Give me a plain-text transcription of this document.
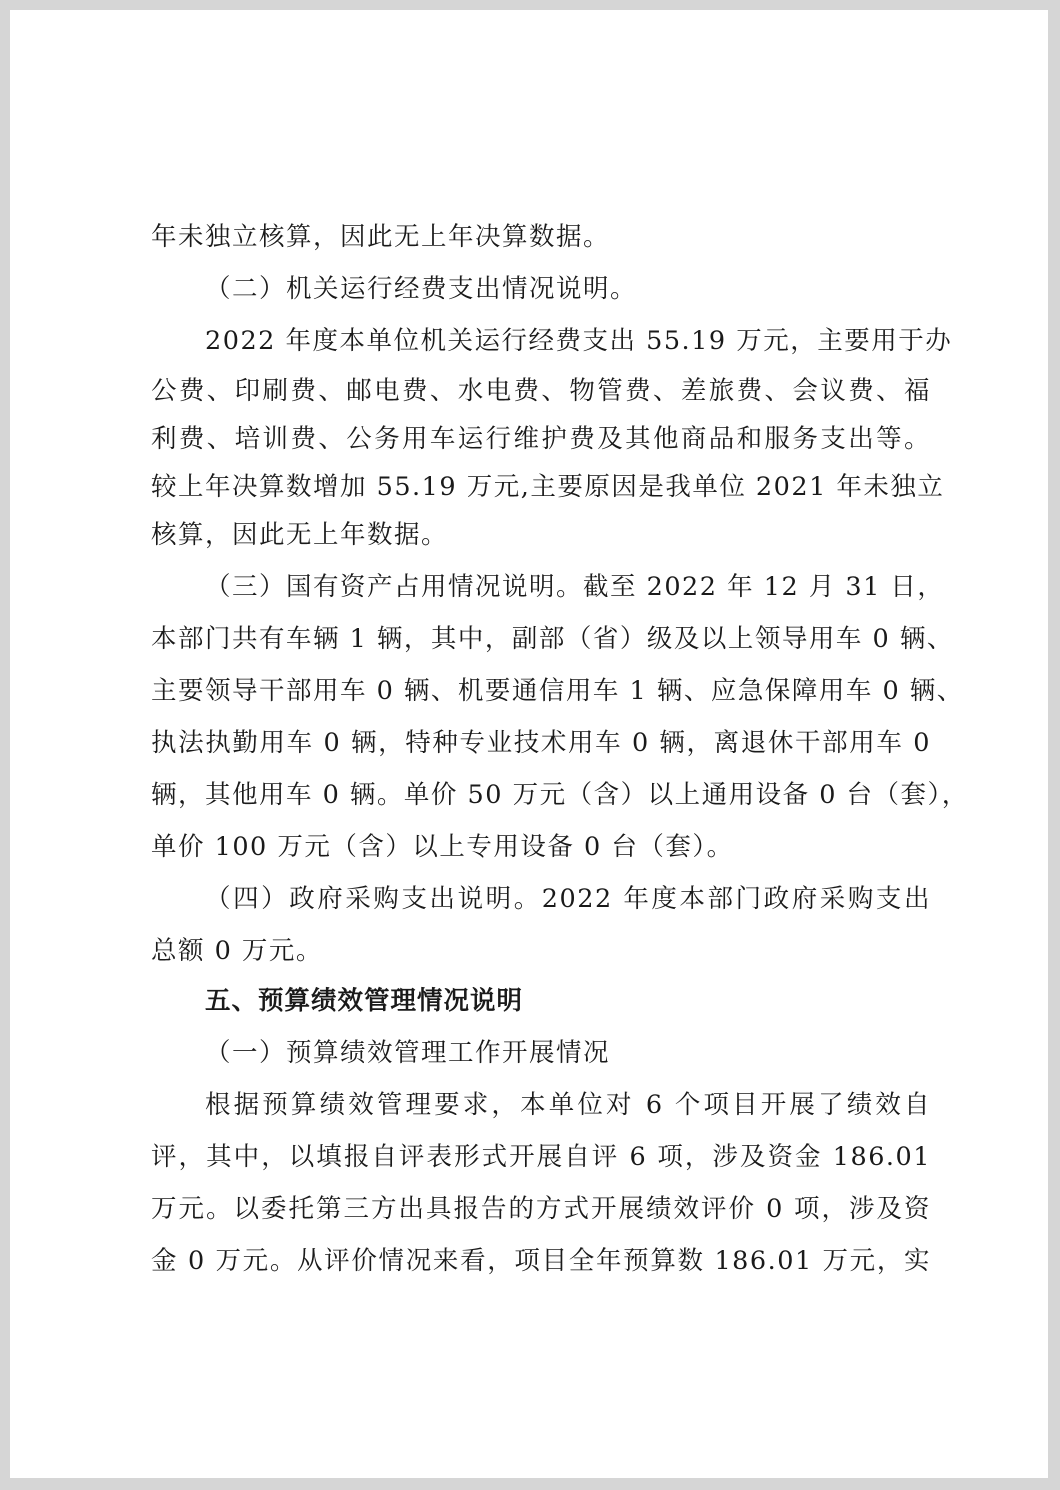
年未独立核算，因此无上年决算数据。
（二）机关运行经费支出情况说明。
2022 年度本单位机关运行经费支出 55.19 万元，主要用于办
公费、印刷费、邮电费、水电费、物管费、差旅费、会议费、福
利费、培训费、公务用车运行维护费及其他商品和服务支出等。
较上年决算数增加 55.19 万元,主要原因是我单位 2021 年未独立
核算，因此无上年数据。
（三）国有资产占用情况说明。截至 2022 年 12 月 31 日，
本部门共有车辆 1 辆，其中，副部（省）级及以上领导用车 0 辆、
主要领导干部用车 0 辆、机要通信用车 1 辆、应急保障用车 0 辆、
执法执勤用车 0 辆，特种专业技术用车 0 辆，离退休干部用车 0
辆，其他用车 0 辆。单价 50 万元（含）以上通用设备 0 台（套），
单价 100 万元（含）以上专用设备 0 台（套）。
（四）政府采购支出说明。2022 年度本部门政府采购支出
总额 0 万元。
五、预算绩效管理情况说明
（一）预算绩效管理工作开展情况
根据预算绩效管理要求，本单位对 6 个项目开展了绩效自
评，其中，以填报自评表形式开展自评 6 项，涉及资金 186.01
万元。以委托第三方出具报告的方式开展绩效评价 0 项，涉及资
金 0 万元。从评价情况来看，项目全年预算数 186.01 万元，实
